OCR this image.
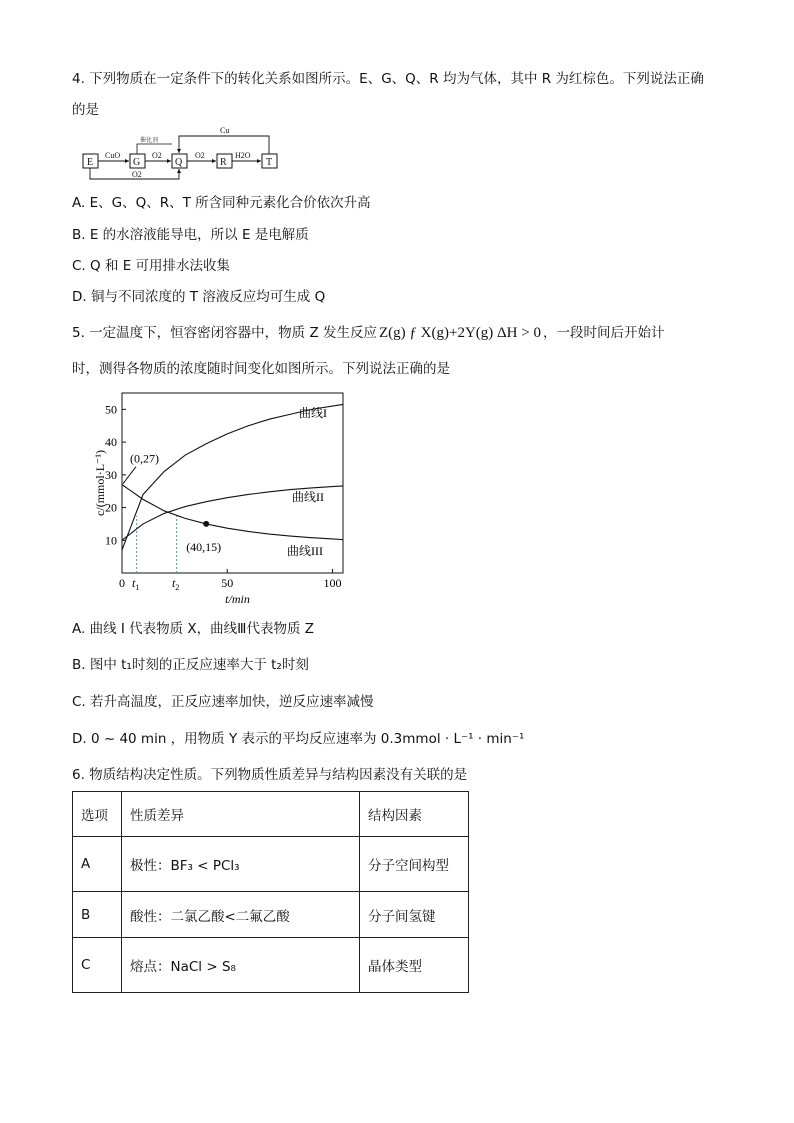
4. 下列物质在一定条件下的转化关系如图所示。E、G、Q、R 均为气体，其中 R 为红棕色。下列说法正确
的是
E	G	Q	R	T
CuO	O2	O2	H2O
Cu
催化剂
O2
A. E、G、Q、R、T 所含同种元素化合价依次升高
B. E 的水溶液能导电，所以 E 是电解质
C. Q 和 E 可用排水法收集
D. 铜与不同浓度的 T 溶液反应均可生成 Q
5. 一定温度下，恒容密闭容器中，物质 Z 发生反应 Z(g) ƒ X(g)+2Y(g) ΔH > 0 ，一段时间后开始计
时，测得各物质的浓度随时间变化如图所示。下列说法正确的是
10
20
30
40
50
0	50	100
$t_1$	$t_2$
t/min
c/(mmol·L⁻¹)
曲线I
曲线II
曲线III
(0,27)
(40,15)
A. 曲线 I 代表物质 X，曲线Ⅲ代表物质 Z
B. 图中 t₁时刻的正反应速率大于 t₂时刻
C. 若升高温度，正反应速率加快，逆反应速率减慢
D. 0 ~ 40 min ，用物质 Y 表示的平均反应速率为 0.3mmol · L⁻¹ · min⁻¹
6. 物质结构决定性质。下列物质性质差异与结构因素没有关联的是
选项	性质差异	结构因素
A	极性：BF₃ < PCl₃	分子空间构型
B	酸性：二氯乙酸<二氟乙酸	分子间氢键
C	熔点：NaCl > S₈	晶体类型
